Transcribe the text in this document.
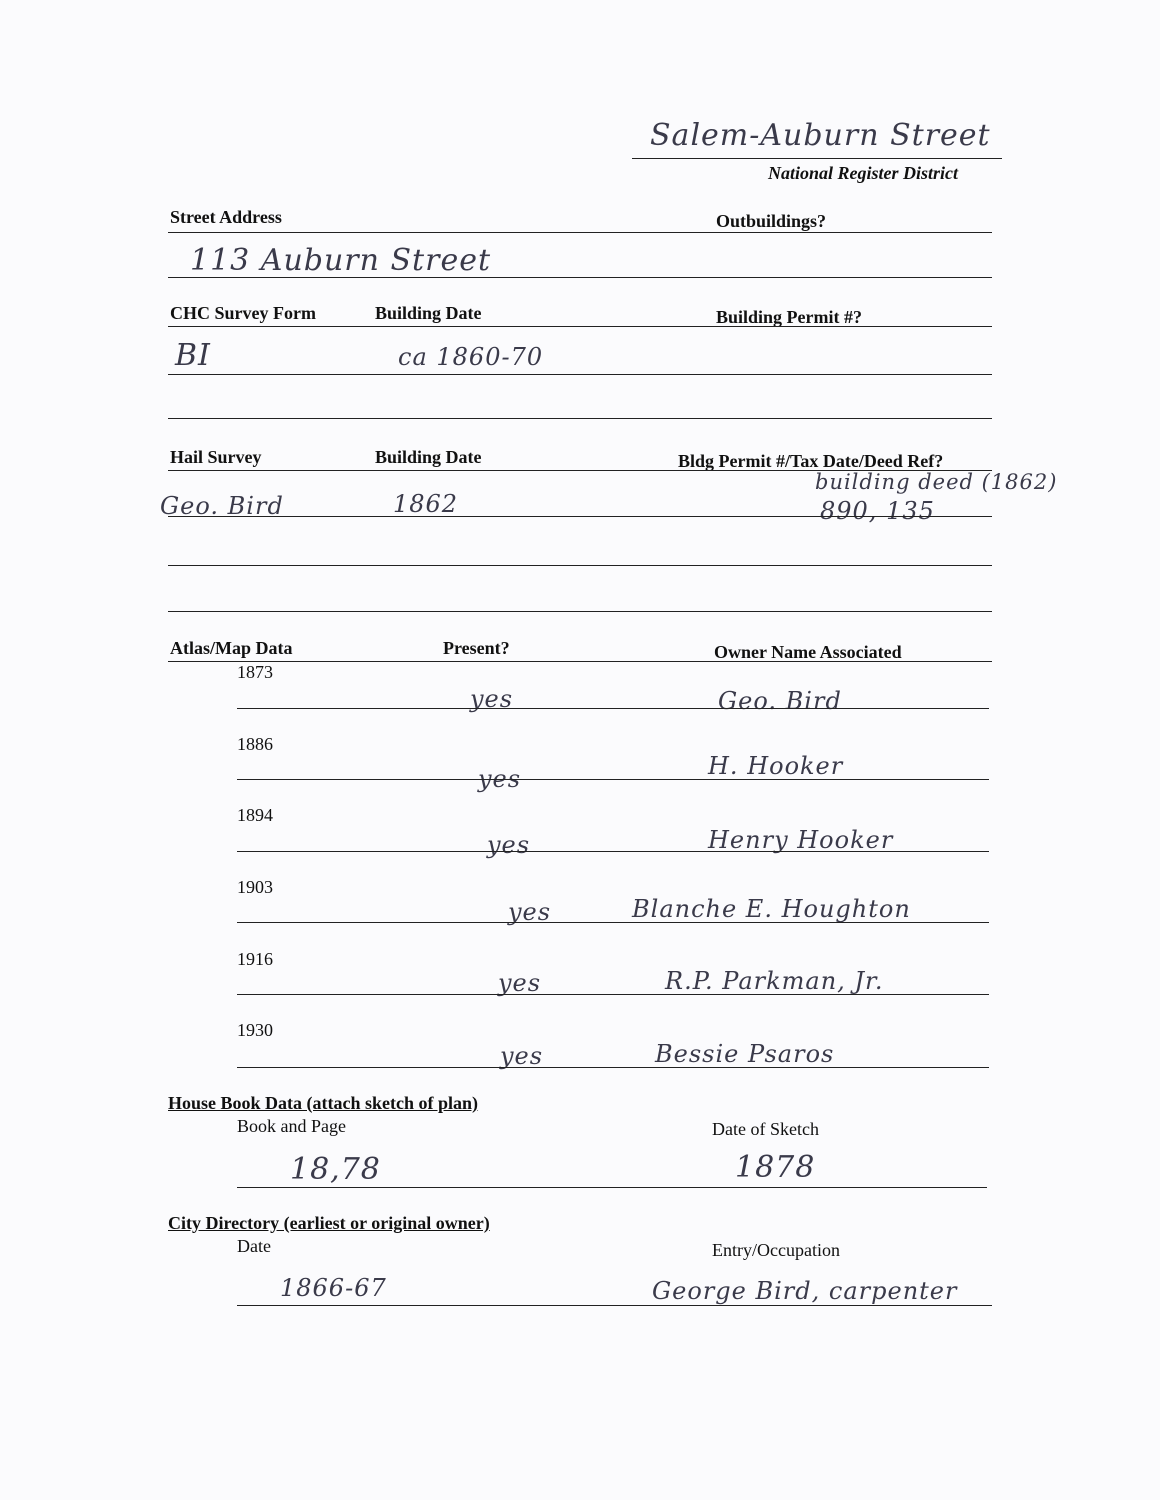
Salem-Auburn Street
National Register District
Street Address	Outbuildings?
113 Auburn Street
CHC Survey Form	Building Date	Building Permit #?
BI	ca 1860-70
Hail Survey	Building Date	Bldg Permit #/Tax Date/Deed Ref?
Geo. Bird	1862
building deed (1862)
890, 135
Atlas/Map Data	Present?	Owner Name Associated
1873
yes	Geo. Bird
1886
yes	H. Hooker
1894
yes	Henry Hooker
1903
yes	Blanche E. Houghton
1916
yes	R.P. Parkman, Jr.
1930
yes	Bessie Psaros
House Book Data (attach sketch of plan)
Book and Page	Date of Sketch
18,78	1878
City Directory (earliest or original owner)
Date	Entry/Occupation
1866-67	George Bird, carpenter
